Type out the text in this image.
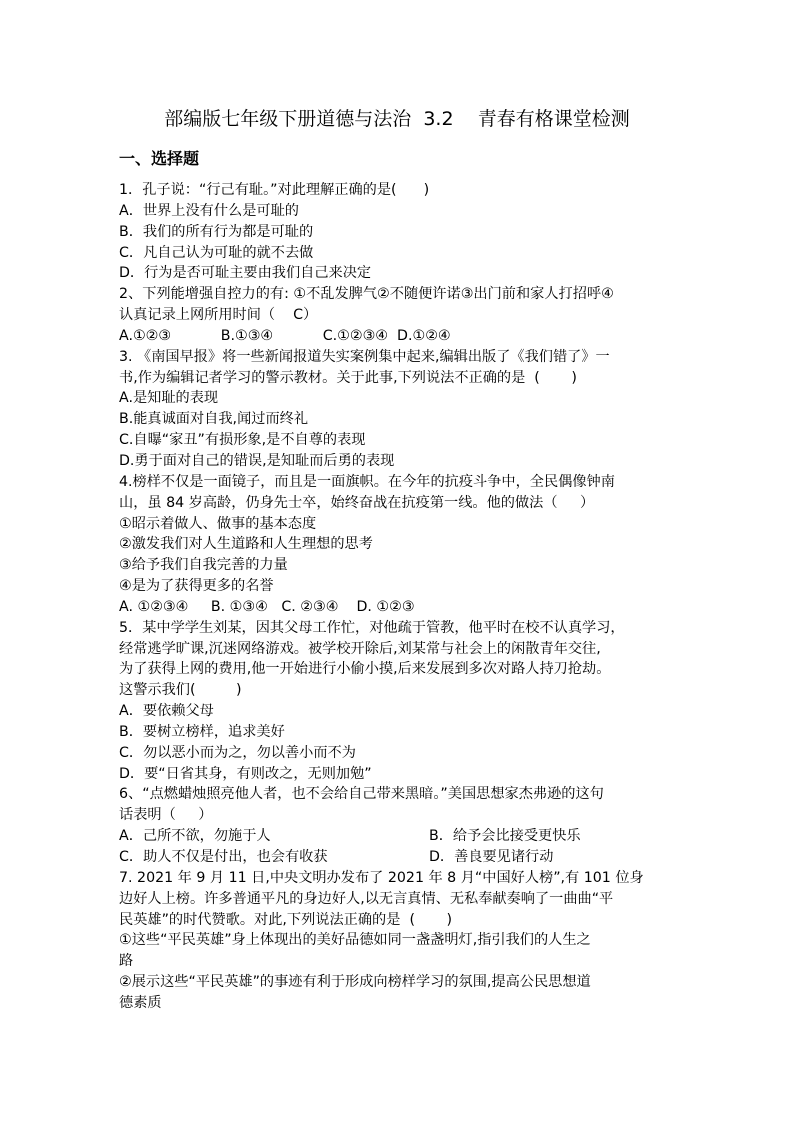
部编版七年级下册道德与法治  3.2    青春有格课堂检测
一、选择题
1．孔子说：“行己有耻。”对此理解正确的是(      )
A．世界上没有什么是可耻的
B．我们的所有行为都是可耻的
C．凡自己认为可耻的就不去做
D．行为是否可耻主要由我们自己来决定
2、下列能增强自控力的有: ①不乱发脾气②不随便许诺③出门前和家人打招呼④
认真记录上网所用时间（    C）
A.①②③           B.①③④           C.①②③④  D.①②④
3. 《南国早报》将一些新闻报道失实案例集中起来,编辑出版了《我们错了》一
书,作为编辑记者学习的警示教材。关于此事,下列说法不正确的是  (       )
A.是知耻的表现
B.能真诚面对自我,闻过而终礼
C.自曝“家丑”有损形象,是不自尊的表现
D.勇于面对自己的错误,是知耻而后勇的表现
4.榜样不仅是一面镜子，而且是一面旗帜。在今年的抗疫斗争中，全民偶像钟南
山，虽 84 岁高龄，仍身先士卒，始终奋战在抗疫第一线。他的做法（     ）
①昭示着做人、做事的基本态度
②激发我们对人生道路和人生理想的思考
③给予我们自我完善的力量
④是为了获得更多的名誉
A. ①②③④     B. ①③④   C. ②③④    D. ①②③
5．某中学学生刘某，因其父母工作忙，对他疏于管教，他平时在校不认真学习，
经常逃学旷课,沉迷网络游戏。被学校开除后,刘某常与社会上的闲散青年交往,
为了获得上网的费用,他一开始进行小偷小摸,后来发展到多次对路人持刀抢劫。
这警示我们(         )
A．要依赖父母
B．要树立榜样，追求美好
C．勿以恶小而为之，勿以善小而不为
D．要“日省其身，有则改之，无则加勉”
6、“点燃蜡烛照亮他人者，也不会给自己带来黑暗。”美国思想家杰弗逊的这句
话表明（     ）
A．己所不欲，勿施于人	B．给予会比接受更快乐
C．助人不仅是付出，也会有收获	D．善良要见诸行动
7. 2021 年 9 月 11 日,中央文明办发布了 2021 年 8 月“中国好人榜”,有 101 位身
边好人上榜。许多普通平凡的身边好人,以无言真情、无私奉献奏响了一曲曲“平
民英雄”的时代赞歌。对此,下列说法正确的是  (       )
①这些“平民英雄”身上体现出的美好品德如同一盏盏明灯,指引我们的人生之
路
②展示这些“平民英雄”的事迹有利于形成向榜样学习的氛围,提高公民思想道
德素质
